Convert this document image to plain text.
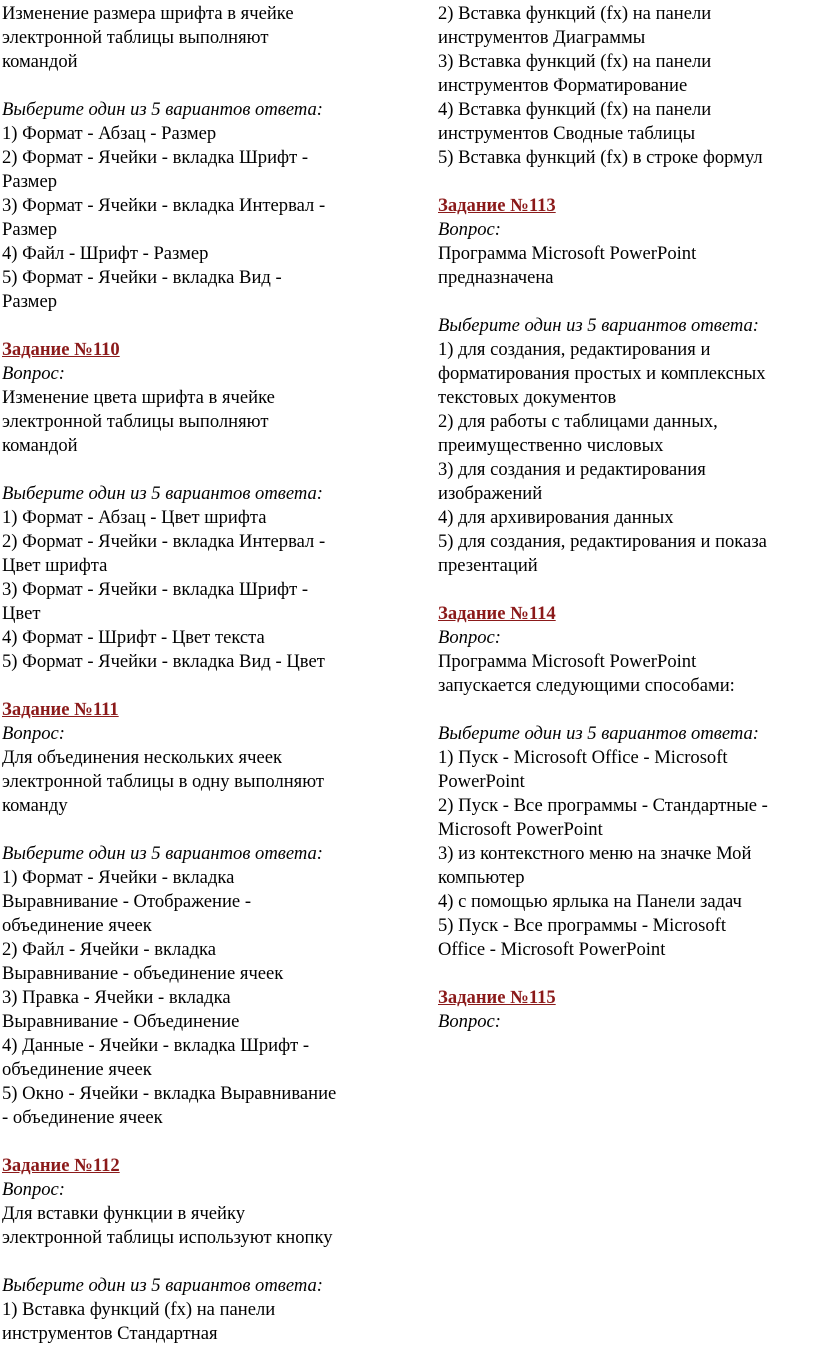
Изменение размера шрифта в ячейке
электронной таблицы выполняют
командой
Выберите один из 5 вариантов ответа:
1) Формат - Абзац - Размер
2) Формат - Ячейки - вкладка Шрифт -
Размер
3) Формат - Ячейки - вкладка Интервал -
Размер
4) Файл - Шрифт - Размер
5) Формат - Ячейки - вкладка Вид -
Размер
Задание №110
Вопрос:
Изменение цвета шрифта в ячейке
электронной таблицы выполняют
командой
Выберите один из 5 вариантов ответа:
1) Формат - Абзац - Цвет шрифта
2) Формат - Ячейки - вкладка Интервал -
Цвет шрифта
3) Формат - Ячейки - вкладка Шрифт -
Цвет
4) Формат - Шрифт - Цвет текста
5) Формат - Ячейки - вкладка Вид - Цвет
Задание №111
Вопрос:
Для объединения нескольких ячеек
электронной таблицы в одну выполняют
команду
Выберите один из 5 вариантов ответа:
1) Формат - Ячейки - вкладка
Выравнивание - Отображение -
объединение ячеек
2) Файл - Ячейки - вкладка
Выравнивание - объединение ячеек
3) Правка - Ячейки - вкладка
Выравнивание - Объединение
4) Данные - Ячейки - вкладка Шрифт -
объединение ячеек
5) Окно - Ячейки - вкладка Выравнивание
- объединение ячеек
Задание №112
Вопрос:
Для вставки функции в ячейку
электронной таблицы используют кнопку
Выберите один из 5 вариантов ответа:
1) Вставка функций (fx) на панели
инструментов Стандартная
2) Вставка функций (fx) на панели
инструментов Диаграммы
3) Вставка функций (fx) на панели
инструментов Форматирование
4) Вставка функций (fx) на панели
инструментов Сводные таблицы
5) Вставка функций (fx) в строке формул
Задание №113
Вопрос:
Программа Microsoft PowerPoint
предназначена
Выберите один из 5 вариантов ответа:
1) для создания, редактирования и
форматирования простых и комплексных
текстовых документов
2) для работы с таблицами данных,
преимущественно числовых
3) для создания и редактирования
изображений
4) для архивирования данных
5) для создания, редактирования и показа
презентаций
Задание №114
Вопрос:
Программа Microsoft PowerPoint
запускается следующими способами:
Выберите один из 5 вариантов ответа:
1) Пуск - Microsoft Office - Microsoft
PowerPoint
2) Пуск - Все программы - Стандартные -
Microsoft PowerPoint
3) из контекстного меню на значке Мой
компьютер
4) с помощью ярлыка на Панели задач
5) Пуск - Все программы - Microsoft
Office - Microsoft PowerPoint
Задание №115
Вопрос:
